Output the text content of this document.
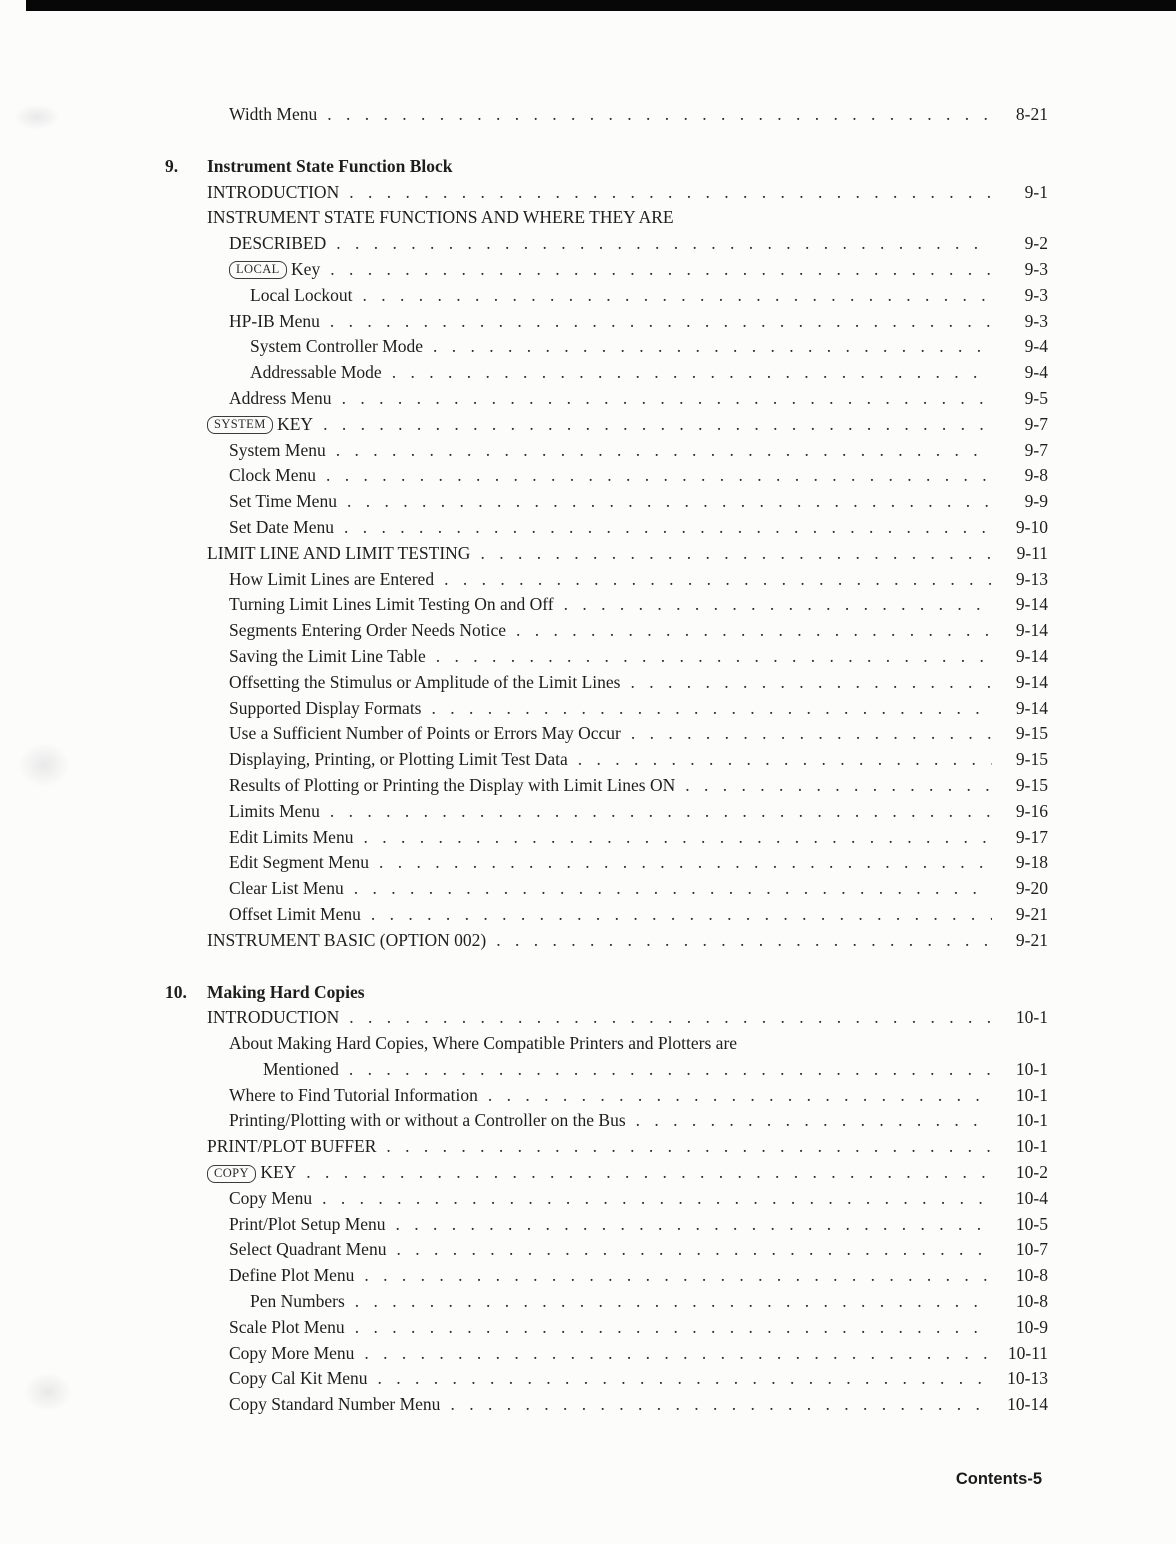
Width Menu . . .	8-21
9.	Instrument State Function Block
INTRODUCTION . . .	9-1
INSTRUMENT STATE FUNCTIONS AND WHERE THEY ARE
DESCRIBED . . .	9-2
LOCAL Key . . .	9-3
Local Lockout . . .	9-3
HP-IB Menu . . .	9-3
System Controller Mode . . .	9-4
Addressable Mode . . .	9-4
Address Menu . . .	9-5
SYSTEM KEY . . .	9-7
System Menu . . .	9-7
Clock Menu . . .	9-8
Set Time Menu . . .	9-9
Set Date Menu . . .	9-10
LIMIT LINE AND LIMIT TESTING . . .	9-11
How Limit Lines are Entered . . .	9-13
Turning Limit Lines Limit Testing On and Off . . .	9-14
Segments Entering Order Needs Notice . . .	9-14
Saving the Limit Line Table . . .	9-14
Offsetting the Stimulus or Amplitude of the Limit Lines . . .	9-14
Supported Display Formats . . .	9-14
Use a Sufficient Number of Points or Errors May Occur . . .	9-15
Displaying, Printing, or Plotting Limit Test Data . . .	9-15
Results of Plotting or Printing the Display with Limit Lines ON . . .	9-15
Limits Menu . . .	9-16
Edit Limits Menu . . .	9-17
Edit Segment Menu . . .	9-18
Clear List Menu . . .	9-20
Offset Limit Menu . . .	9-21
INSTRUMENT BASIC (OPTION 002) . . .	9-21
10.	Making Hard Copies
INTRODUCTION . . .	10-1
About Making Hard Copies, Where Compatible Printers and Plotters are
Mentioned . . .	10-1
Where to Find Tutorial Information . . .	10-1
Printing/Plotting with or without a Controller on the Bus . . .	10-1
PRINT/PLOT BUFFER . . .	10-1
COPY KEY . . .	10-2
Copy Menu . . .	10-4
Print/Plot Setup Menu . . .	10-5
Select Quadrant Menu . . .	10-7
Define Plot Menu . . .	10-8
Pen Numbers . . .	10-8
Scale Plot Menu . . .	10-9
Copy More Menu . . .	10-11
Copy Cal Kit Menu . . .	10-13
Copy Standard Number Menu . . .	10-14
Contents-5
